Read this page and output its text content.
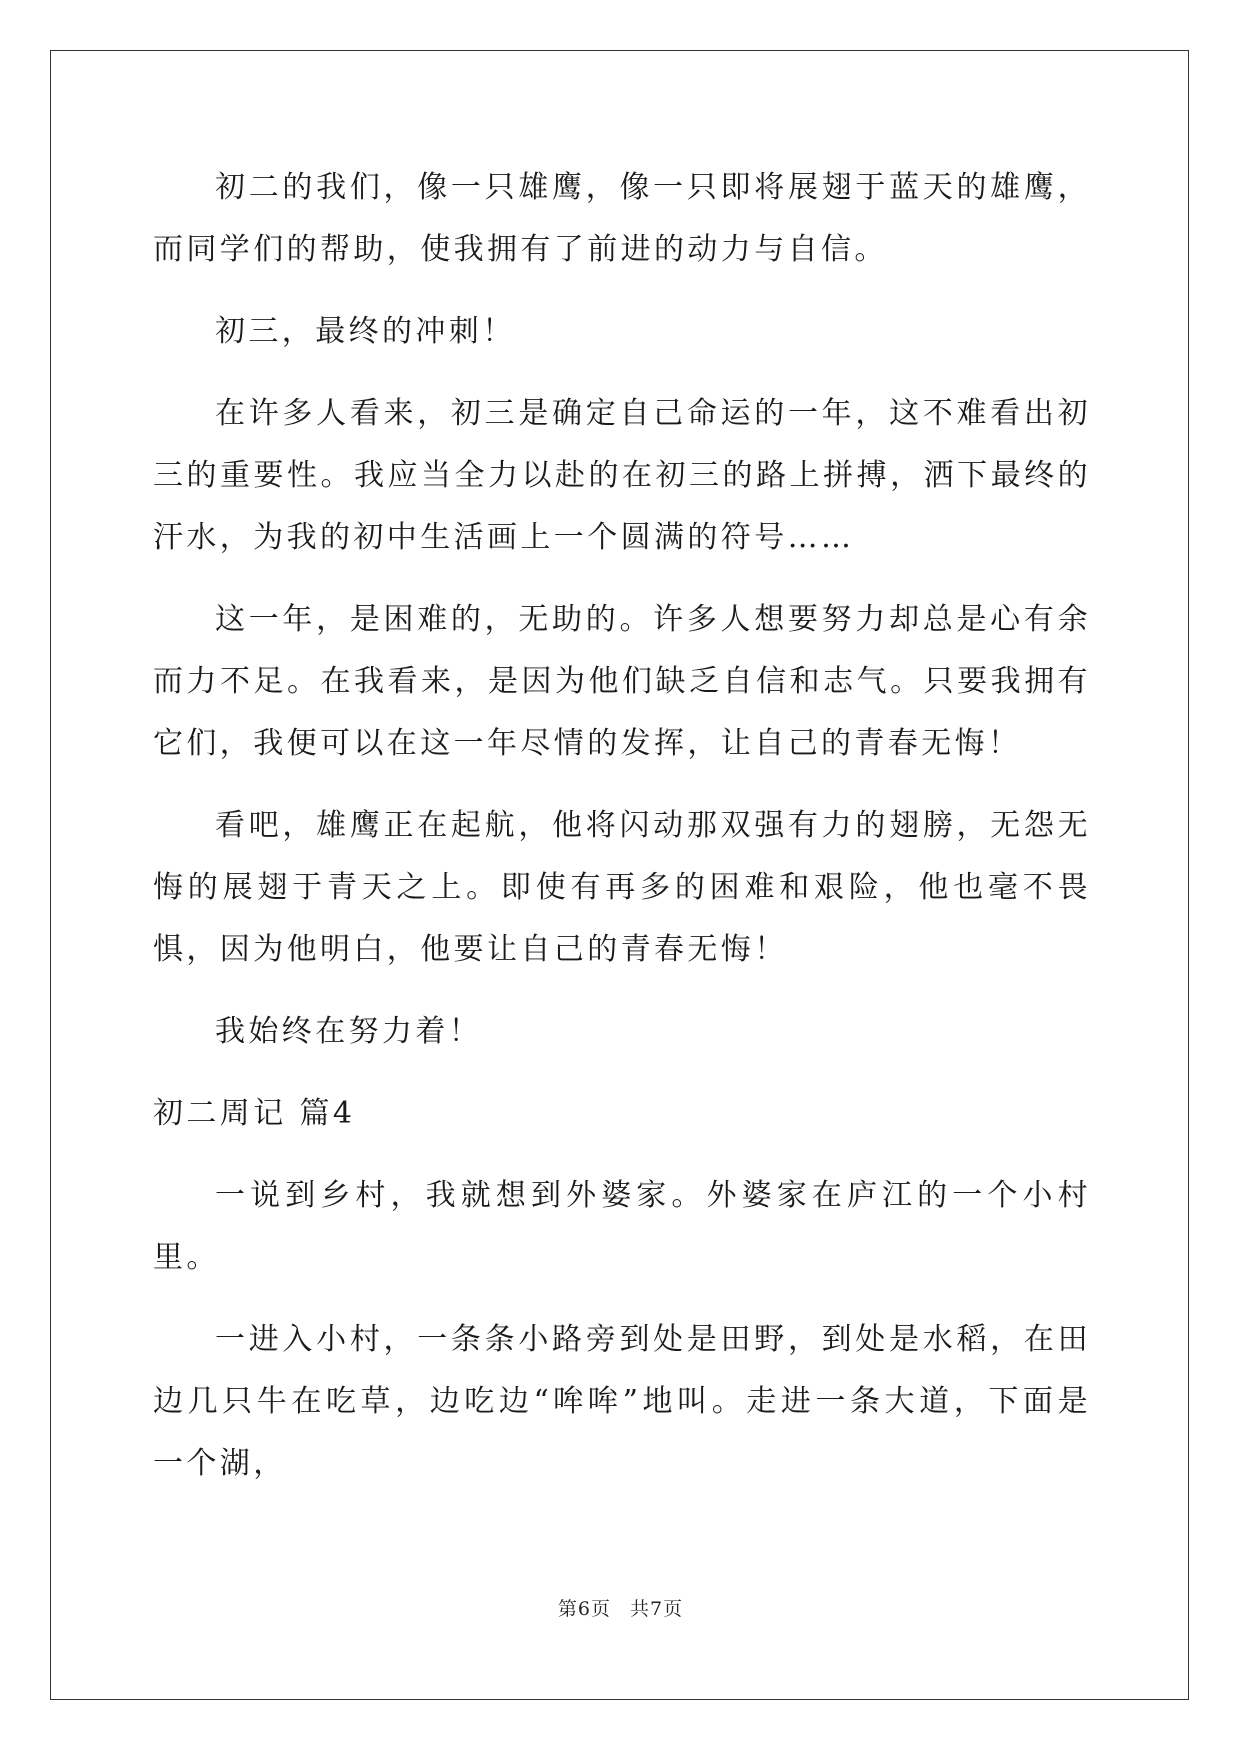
初二的我们，像一只雄鹰，像一只即将展翅于蓝天的雄鹰，而同学们的帮助，使我拥有了前进的动力与自信。

初三，最终的冲刺！

在许多人看来，初三是确定自己命运的一年，这不难看出初三的重要性。我应当全力以赴的在初三的路上拼搏，洒下最终的汗水，为我的初中生活画上一个圆满的符号……

这一年，是困难的，无助的。许多人想要努力却总是心有余而力不足。在我看来，是因为他们缺乏自信和志气。只要我拥有它们，我便可以在这一年尽情的发挥，让自己的青春无悔！

看吧，雄鹰正在起航，他将闪动那双强有力的翅膀，无怨无悔的展翅于青天之上。即使有再多的困难和艰险，他也毫不畏惧，因为他明白，他要让自己的青春无悔！

我始终在努力着！

初二周记 篇4

一说到乡村，我就想到外婆家。外婆家在庐江的一个小村里。

一进入小村，一条条小路旁到处是田野，到处是水稻，在田边几只牛在吃草，边吃边“哞哞”地叫。走进一条大道，下面是一个湖，

第6页 共7页
